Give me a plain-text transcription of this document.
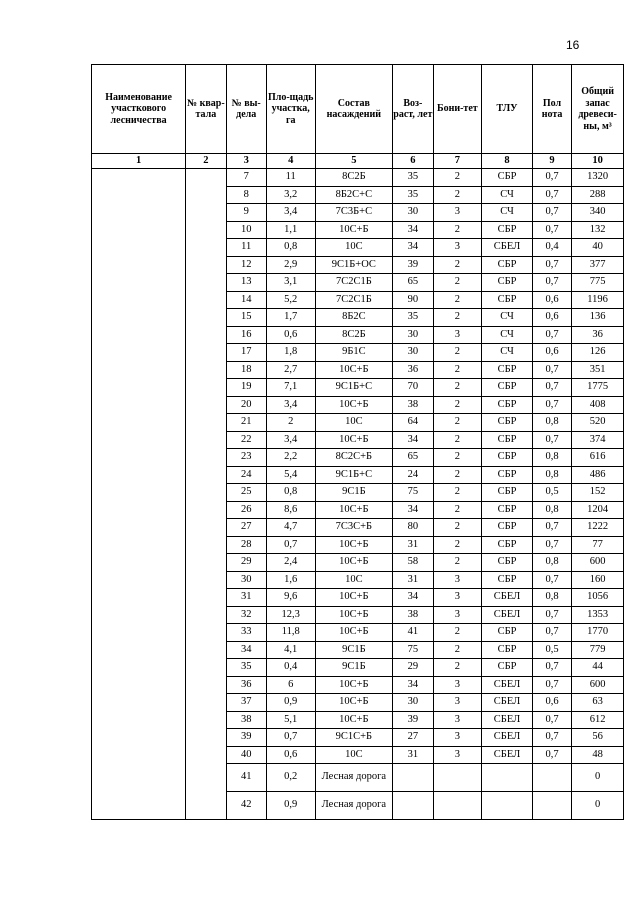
16
Наименование участкового лесничества	№ квар-тала	№ вы-дела	Пло-щадь участка, га	Состав насаждений	Воз-раст, лет	Бони-тет	ТЛУ	Пол нота	Общий запас древеси-ны, м³
1	2	3	4	5	6	7	8	9	10
		7	11	8С2Б	35	2	СБР	0,7	1320
		8	3,2	8Б2С+С	35	2	СЧ	0,7	288
		9	3,4	7С3Б+С	30	3	СЧ	0,7	340
		10	1,1	10С+Б	34	2	СБР	0,7	132
		11	0,8	10С	34	3	СБЕЛ	0,4	40
		12	2,9	9С1Б+ОС	39	2	СБР	0,7	377
		13	3,1	7С2С1Б	65	2	СБР	0,7	775
		14	5,2	7С2С1Б	90	2	СБР	0,6	1196
		15	1,7	8Б2С	35	2	СЧ	0,6	136
		16	0,6	8С2Б	30	3	СЧ	0,7	36
		17	1,8	9Б1С	30	2	СЧ	0,6	126
		18	2,7	10С+Б	36	2	СБР	0,7	351
		19	7,1	9С1Б+С	70	2	СБР	0,7	1775
		20	3,4	10С+Б	38	2	СБР	0,7	408
		21	2	10С	64	2	СБР	0,8	520
		22	3,4	10С+Б	34	2	СБР	0,7	374
		23	2,2	8С2С+Б	65	2	СБР	0,8	616
		24	5,4	9С1Б+С	24	2	СБР	0,8	486
		25	0,8	9С1Б	75	2	СБР	0,5	152
		26	8,6	10С+Б	34	2	СБР	0,8	1204
		27	4,7	7С3С+Б	80	2	СБР	0,7	1222
		28	0,7	10С+Б	31	2	СБР	0,7	77
		29	2,4	10С+Б	58	2	СБР	0,8	600
		30	1,6	10С	31	3	СБР	0,7	160
		31	9,6	10С+Б	34	3	СБЕЛ	0,8	1056
		32	12,3	10С+Б	38	3	СБЕЛ	0,7	1353
		33	11,8	10С+Б	41	2	СБР	0,7	1770
		34	4,1	9С1Б	75	2	СБР	0,5	779
		35	0,4	9С1Б	29	2	СБР	0,7	44
		36	6	10С+Б	34	3	СБЕЛ	0,7	600
		37	0,9	10С+Б	30	3	СБЕЛ	0,6	63
		38	5,1	10С+Б	39	3	СБЕЛ	0,7	612
		39	0,7	9С1С+Б	27	3	СБЕЛ	0,7	56
		40	0,6	10С	31	3	СБЕЛ	0,7	48
		41	0,2	Лесная дорога					0
		42	0,9	Лесная дорога					0
